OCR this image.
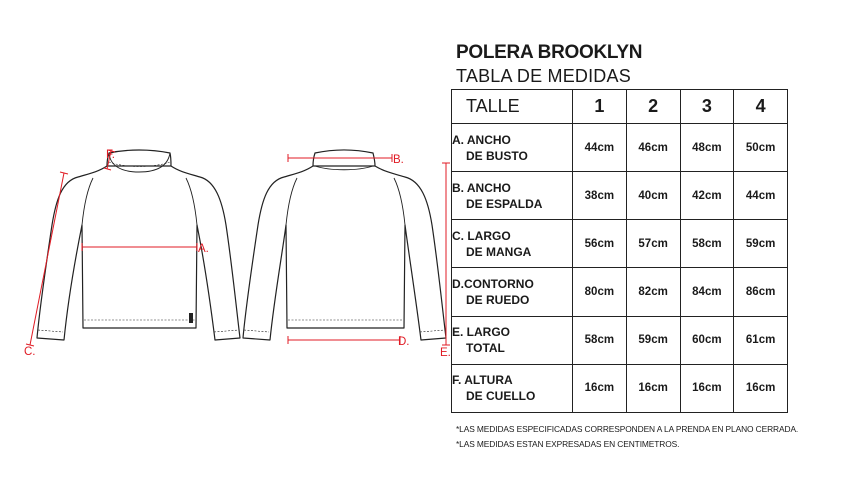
A.
B.
C.
D.
E.
F.
POLERA BROOKLYN
TABLA DE MEDIDAS
TALLE	1	2	3	4
A. ANCHO
DE BUSTO	44cm	46cm	48cm	50cm
B. ANCHO
DE ESPALDA	38cm	40cm	42cm	44cm
C. LARGO
DE MANGA	56cm	57cm	58cm	59cm
D.CONTORNO
DE RUEDO	80cm	82cm	84cm	86cm
E. LARGO
TOTAL	58cm	59cm	60cm	61cm
F. ALTURA
DE CUELLO	16cm	16cm	16cm	16cm
*LAS MEDIDAS ESPECIFICADAS CORRESPONDEN A LA PRENDA EN PLANO CERRADA.
*LAS MEDIDAS ESTAN EXPRESADAS EN CENTIMETROS.
